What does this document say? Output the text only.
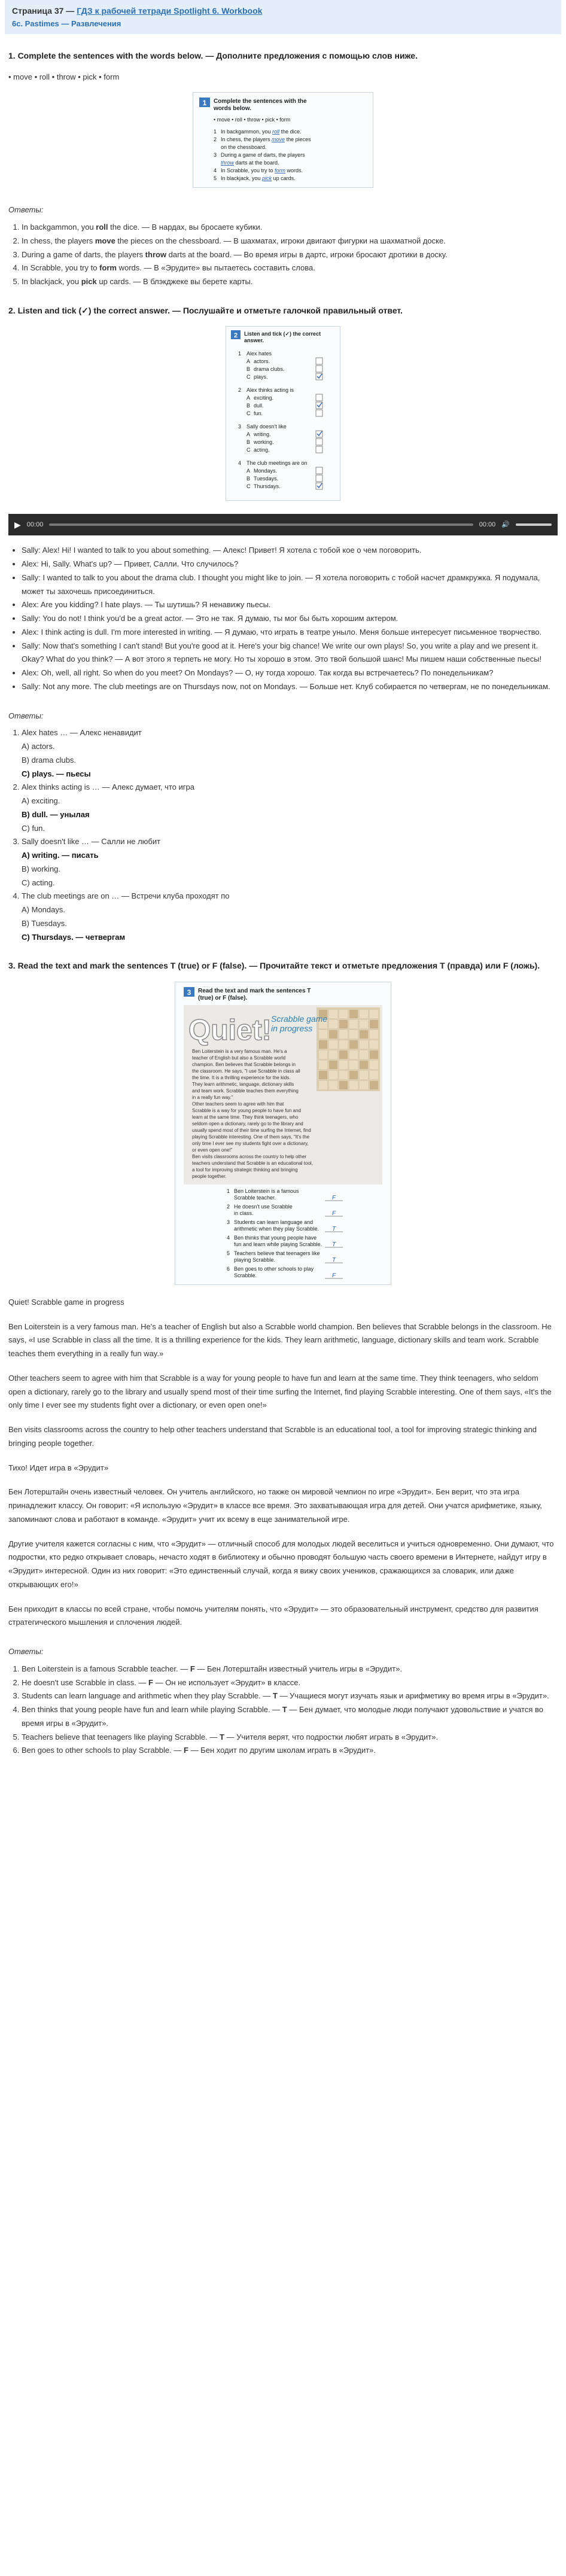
Страница 37 — ГДЗ к рабочей тетради Spotlight 6. Workbook
6c. Pastimes — Развлечения
1. Complete the sentences with the words below. — Дополните предложения с помощью слов ниже.
• move • roll • throw • pick • form
1 Complete the sentences with the
words below.
• move • roll • throw • pick • form
1 In backgammon, you roll the dice.
2 In chess, the players move the pieces
on the chessboard.
3 During a game of darts, the players
throw darts at the board.
4 In Scrabble, you try to form words.
5 In blackjack, you pick up cards.
Ответы:
1. In backgammon, you roll the dice. — В нардах, вы бросаете кубики.
2. In chess, the players move the pieces on the chessboard. — В шахматах, игроки двигают фигурки на шахматной доске.
3. During a game of darts, the players throw darts at the board. — Во время игры в дартс, игроки бросают дротики в доску.
4. In Scrabble, you try to form words. — В «Эрудите» вы пытаетесь составить слова.
5. In blackjack, you pick up cards. — В блэкджеке вы берете карты.
2. Listen and tick (✓) the correct answer. — Послушайте и отметьте галочкой правильный ответ.
2 Listen and tick (✓) the correct
answer.
1 Alex hates
A actors.
B drama clubs.
C plays.
2 Alex thinks acting is
A exciting.
B dull.
C fun.
3 Sally doesn't like
A writing.
B working.
C acting.
4 The club meetings are on
A Mondays.
B Tuesdays.
C Thursdays.
▶ 00:00	00:00 🔊
• Sally: Alex! Hi! I wanted to talk to you about something. — Алекс! Привет! Я хотела с тобой кое о чем поговорить.
• Alex: Hi, Sally. What's up? — Привет, Салли. Что случилось?
• Sally: I wanted to talk to you about the drama club. I thought you might like to join. — Я хотела поговорить с тобой насчет драмкружка. Я подумала, может ты захочешь присоединиться.
• Alex: Are you kidding? I hate plays. — Ты шутишь? Я ненавижу пьесы.
• Sally: You do not! I think you'd be a great actor. — Это не так. Я думаю, ты мог бы быть хорошим актером.
• Alex: I think acting is dull. I'm more interested in writing. — Я думаю, что играть в театре уныло. Меня больше интересует письменное творчество.
• Sally: Now that's something I can't stand! But you're good at it. Here's your big chance! We write our own plays! So, you write a play and we present it. Okay? What do you think? — А вот этого я терпеть не могу. Но ты хорошо в этом. Это твой большой шанс! Мы пишем наши собственные пьесы!
• Alex: Oh, well, all right. So when do you meet? On Mondays? — О, ну тогда хорошо. Так когда вы встречаетесь? По понедельникам?
• Sally: Not any more. The club meetings are on Thursdays now, not on Mondays. — Больше нет. Клуб собирается по четвергам, не по понедельникам.
Ответы:
1. Alex hates … — Алекс ненавидит
A) actors.
B) drama clubs.
C) plays. — пьесы
2. Alex thinks acting is … — Алекс думает, что игра
A) exciting.
B) dull. — унылая
C) fun.
3. Sally doesn't like … — Салли не любит
A) writing. — писать
B) working.
C) acting.
4. The club meetings are on … — Встречи клуба проходят по
A) Mondays.
B) Tuesdays.
C) Thursdays. — четвергам
3. Read the text and mark the sentences T (true) or F (false). — Прочитайте текст и отметьте предложения T (правда) или F (ложь).
3 Read the text and mark the sentences T
(true) or F (false).
Quiet! Scrabble game
in progress
Ben Loiterstein is a very famous man. He's a
teacher of English but also a Scrabble world
champion. Ben believes that Scrabble belongs in
the classroom. He says, "I use Scrabble in class all
the time. It is a thrilling experience for the kids.
They learn arithmetic, language, dictionary skills
and team work. Scrabble teaches them everything
in a really fun way."
Other teachers seem to agree with him that
Scrabble is a way for young people to have fun and
learn at the same time. They think teenagers, who
seldom open a dictionary, rarely go to the library and
usually spend most of their time surfing the Internet, find
playing Scrabble interesting. One of them says, "It's the
only time I ever see my students fight over a dictionary,
or even open one!"
Ben visits classrooms across the country to help other
teachers understand that Scrabble is an educational tool,
a tool for improving strategic thinking and bringing
people together.
1 Ben Loiterstein is a famous
Scrabble teacher.	F
2 He doesn't use Scrabble
in class.	F
3 Students can learn language and
arithmetic when they play Scrabble. T
4 Ben thinks that young people have
fun and learn while playing Scrabble. T
5 Teachers believe that teenagers like
playing Scrabble.	T
6 Ben goes to other schools to play
Scrabble.	F
Quiet! Scrabble game in progress
Ben Loiterstein is a very famous man. He's a teacher of English but also a Scrabble world champion. Ben believes that Scrabble belongs in the classroom. He says, «I use Scrabble in class all the time. It is a thrilling experience for the kids. They learn arithmetic, language, dictionary skills and team work. Scrabble teaches them everything in a really fun way.»
Other teachers seem to agree with him that Scrabble is a way for young people to have fun and learn at the same time. They think teenagers, who seldom open a dictionary, rarely go to the library and usually spend most of their time surfing the Internet, find playing Scrabble interesting. One of them says, «It's the only time I ever see my students fight over a dictionary, or even open one!»
Ben visits classrooms across the country to help other teachers understand that Scrabble is an educational tool, a tool for improving strategic thinking and bringing people together.
Тихо! Идет игра в «Эрудит»
Бен Лотерштайн очень известный человек. Он учитель английского, но также он мировой чемпион по игре «Эрудит». Бен верит, что эта игра принадлежит классу. Он говорит: «Я использую «Эрудит» в классе все время. Это захватывающая игра для детей. Они учатся арифметике, языку, запоминают слова и работают в команде. «Эрудит» учит их всему в еще занимательной игре.
Другие учителя кажется согласны с ним, что «Эрудит» — отличный способ для молодых людей веселиться и учиться одновременно. Они думают, что подростки, кто редко открывает словарь, нечасто ходят в библиотеку и обычно проводят большую часть своего времени в Интернете, найдут игру в «Эрудит» интересной. Один из них говорит: «Это единственный случай, когда я вижу своих учеников, сражающихся за словарик, или даже открывающих его!»
Бен приходит в классы по всей стране, чтобы помочь учителям понять, что «Эрудит» — это образовательный инструмент, средство для развития стратегического мышления и сплочения людей.
Ответы:
1. Ben Loiterstein is a famous Scrabble teacher. — F — Бен Лотерштайн известный учитель игры в «Эрудит».
2. He doesn't use Scrabble in class. — F — Он не использует «Эрудит» в классе.
3. Students can learn language and arithmetic when they play Scrabble. — T — Учащиеся могут изучать язык и арифметику во время игры в «Эрудит».
4. Ben thinks that young people have fun and learn while playing Scrabble. — T — Бен думает, что молодые люди получают удовольствие и учатся во время игры в «Эрудит».
5. Teachers believe that teenagers like playing Scrabble. — T — Учителя верят, что подростки любят играть в «Эрудит».
6. Ben goes to other schools to play Scrabble. — F — Бен ходит по другим школам играть в «Эрудит».
